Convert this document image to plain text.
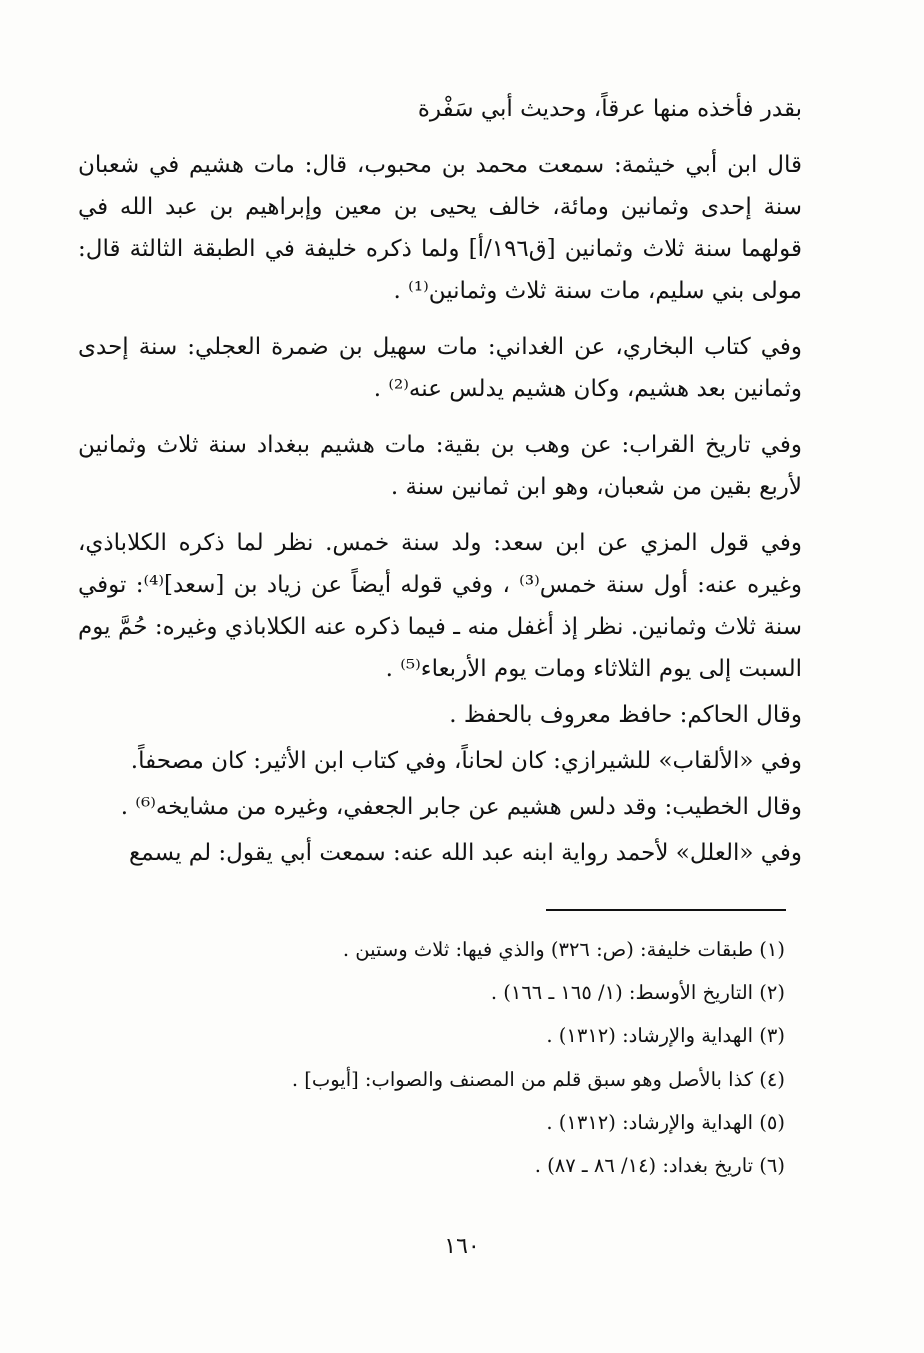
بقدر فأخذه منها عرقاً، وحديث أبي سَفْرة

قال ابن أبي خيثمة: سمعت محمد بن محبوب، قال: مات هشيم في شعبان سنة إحدى وثمانين ومائة، خالف يحيى بن معين وإبراهيم بن عبد الله في قولهما سنة ثلاث وثمانين [ق١٩٦/أ] ولما ذكره خليفة في الطبقة الثالثة قال: مولى بني سليم، مات سنة ثلاث وثمانين⁽¹⁾ .

وفي كتاب البخاري، عن الغداني: مات سهيل بن ضمرة العجلي: سنة إحدى وثمانين بعد هشيم، وكان هشيم يدلس عنه⁽²⁾ .

وفي تاريخ القراب: عن وهب بن بقية: مات هشيم ببغداد سنة ثلاث وثمانين لأربع بقين من شعبان، وهو ابن ثمانين سنة .

وفي قول المزي عن ابن سعد: ولد سنة خمس. نظر لما ذكره الكلاباذي، وغيره عنه: أول سنة خمس⁽³⁾ ، وفي قوله أيضاً عن زياد بن [سعد]⁽⁴⁾: توفي سنة ثلاث وثمانين. نظر إذ أغفل منه ـ فيما ذكره عنه الكلاباذي وغيره: حُمَّ يوم السبت إلى يوم الثلاثاء ومات يوم الأربعاء⁽⁵⁾ .

وقال الحاكم: حافظ معروف بالحفظ .

وفي «الألقاب» للشيرازي: كان لحاناً، وفي كتاب ابن الأثير: كان مصحفاً.

وقال الخطيب: وقد دلس هشيم عن جابر الجعفي، وغيره من مشايخه⁽⁶⁾ .

وفي «العلل» لأحمد رواية ابنه عبد الله عنه: سمعت أبي يقول: لم يسمع

(١) طبقات خليفة: (ص: ٣٢٦) والذي فيها: ثلاث وستين .

(٢) التاريخ الأوسط: (١/ ١٦٥ ـ ١٦٦) .

(٣) الهداية والإرشاد: (١٣١٢) .

(٤) كذا بالأصل وهو سبق قلم من المصنف والصواب: [أيوب] .

(٥) الهداية والإرشاد: (١٣١٢) .

(٦) تاريخ بغداد: (١٤/ ٨٦ ـ ٨٧) .

١٦٠
